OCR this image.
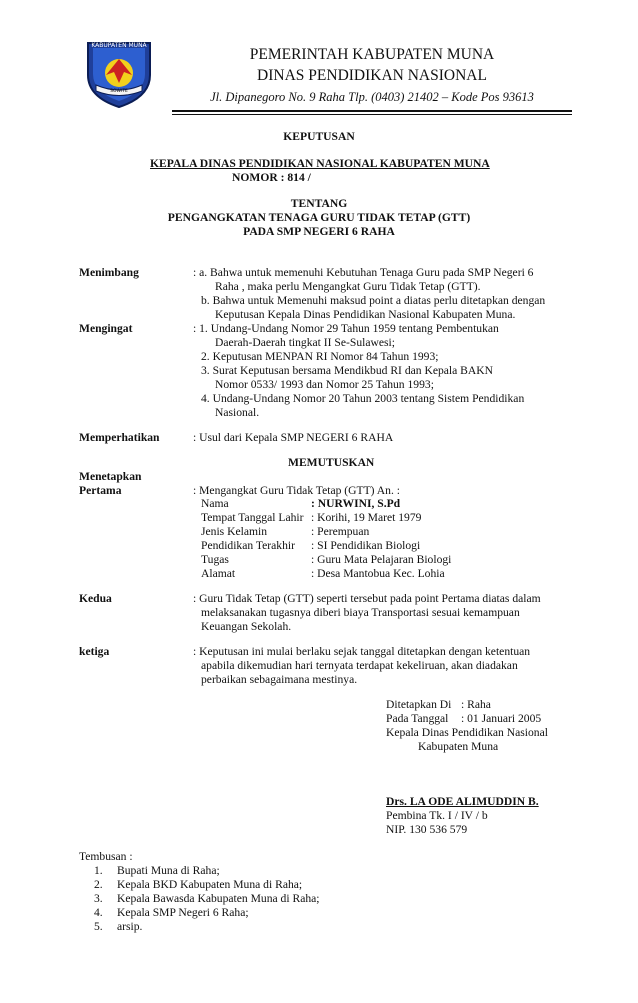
KABUPATEN MUNA
SOWITE
PEMERINTAH KABUPATEN MUNA
DINAS PENDIDIKAN NASIONAL
Jl. Dipanegoro No. 9 Raha Tlp. (0403) 21402 – Kode Pos 93613
KEPUTUSAN
KEPALA DINAS PENDIDIKAN NASIONAL KABUPATEN MUNA
NOMOR : 814 /
TENTANG
PENGANGKATAN TENAGA GURU TIDAK TETAP (GTT)
PADA SMP NEGERI 6 RAHA
Menimbang	: a. Bahwa untuk memenuhi Kebutuhan Tenaga Guru pada SMP Negeri 6
Raha , maka perlu Mengangkat Guru Tidak Tetap (GTT).
b. Bahwa untuk Memenuhi maksud point a diatas perlu ditetapkan dengan
Keputusan Kepala Dinas Pendidikan Nasional Kabupaten Muna.
Mengingat	: 1. Undang-Undang Nomor 29 Tahun 1959 tentang Pembentukan
Daerah-Daerah tingkat II Se-Sulawesi;
2. Keputusan MENPAN RI Nomor 84 Tahun 1993;
3. Surat Keputusan bersama Mendikbud RI dan Kepala BAKN
Nomor 0533/ 1993 dan Nomor 25 Tahun 1993;
4. Undang-Undang Nomor 20 Tahun 2003 tentang Sistem Pendidikan
Nasional.
Memperhatikan	: Usul dari Kepala SMP NEGERI 6 RAHA
MEMUTUSKAN
Menetapkan
Pertama	: Mengangkat Guru Tidak Tetap (GTT) An. :
Nama	: NURWINI, S.Pd
Tempat Tanggal Lahir : Korihi, 19 Maret 1979
Jenis Kelamin	: Perempuan
Pendidikan Terakhir : SI Pendidikan Biologi
Tugas	: Guru Mata Pelajaran Biologi
Alamat	: Desa Mantobua Kec. Lohia
Kedua	: Guru Tidak Tetap (GTT) seperti tersebut pada point Pertama diatas dalam
melaksanakan tugasnya diberi biaya Transportasi sesuai kemampuan
Keuangan Sekolah.
ketiga	: Keputusan ini mulai berlaku sejak tanggal ditetapkan dengan ketentuan
apabila dikemudian hari ternyata terdapat kekeliruan, akan diadakan
perbaikan sebagaimana mestinya.
Ditetapkan Di : Raha
Pada Tanggal : 01 Januari 2005
Kepala Dinas Pendidikan Nasional
Kabupaten Muna
Drs. LA ODE ALIMUDDIN B.
Pembina Tk. I / IV / b
NIP. 130 536 579
Tembusan :
1. Bupati Muna di Raha;
2. Kepala BKD Kabupaten Muna di Raha;
3. Kepala Bawasda Kabupaten Muna di Raha;
4. Kepala SMP Negeri 6 Raha;
5. arsip.
